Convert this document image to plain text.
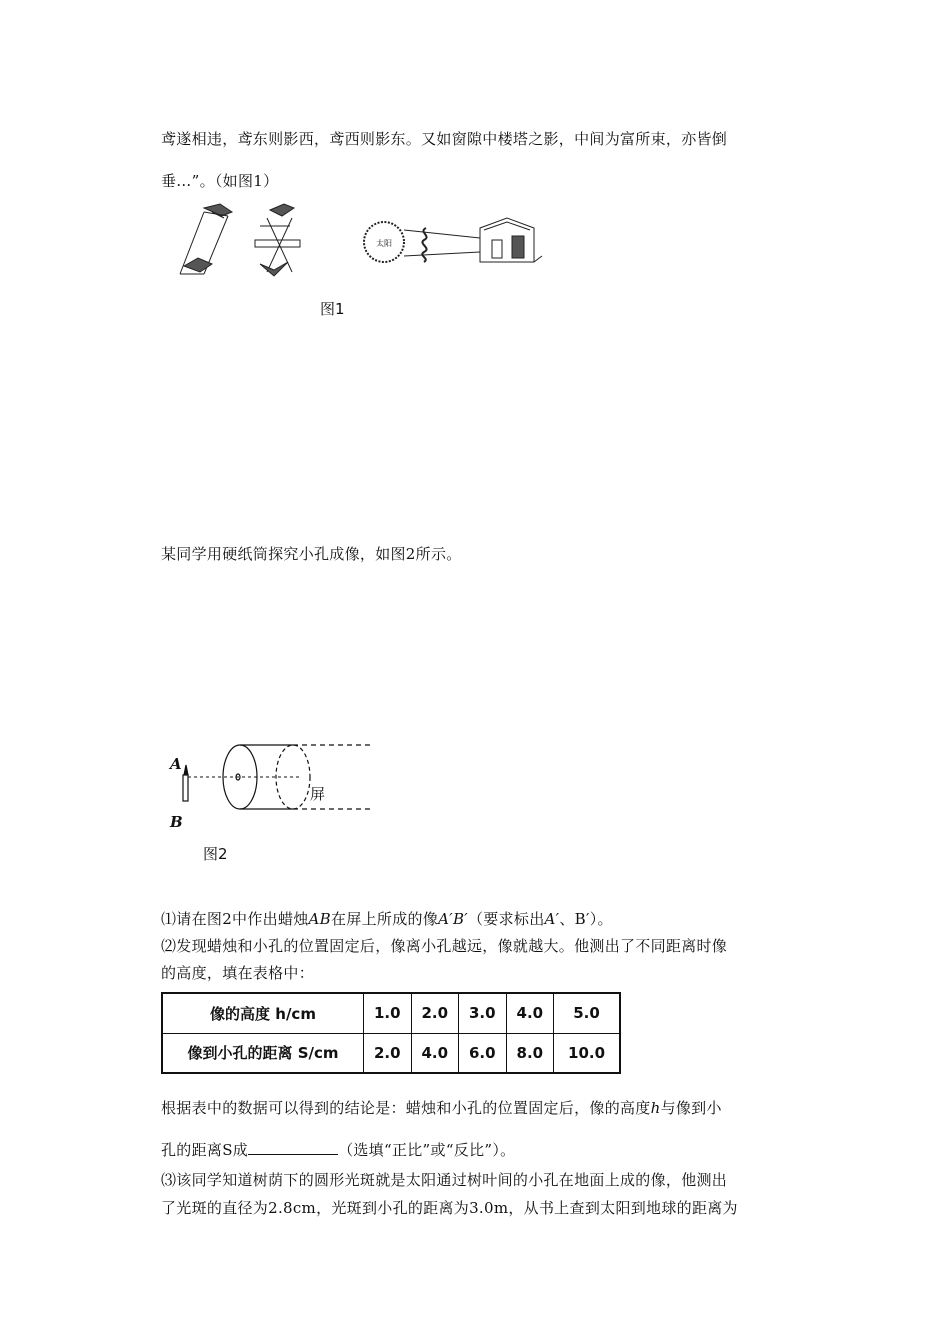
鸢遂相违，鸢东则影西，鸢西则影东。又如窗隙中楼塔之影，中间为富所束，亦皆倒
垂…”。（如图1）
太阳
图1
某同学用硬纸筒探究小孔成像，如图2所示。
A
B
屏
图2
⑴请在图2中作出蜡烛AB在屏上所成的像A′B′（要求标出A′、B′）。
⑵发现蜡烛和小孔的位置固定后，像离小孔越远，像就越大。他测出了不同距离时像
的高度，填在表格中：
像的高度 h/cm	1.0	2.0	3.0	4.0	5.0
像到小孔的距离 S/cm	2.0	4.0	6.0	8.0	10.0
根据表中的数据可以得到的结论是：蜡烛和小孔的位置固定后，像的高度h与像到小
孔的距离S成	（选填“正比”或“反比”）。
⑶该同学知道树荫下的圆形光斑就是太阳通过树叶间的小孔在地面上成的像，他测出
了光斑的直径为2.8cm，光斑到小孔的距离为3.0m，从书上查到太阳到地球的距离为
